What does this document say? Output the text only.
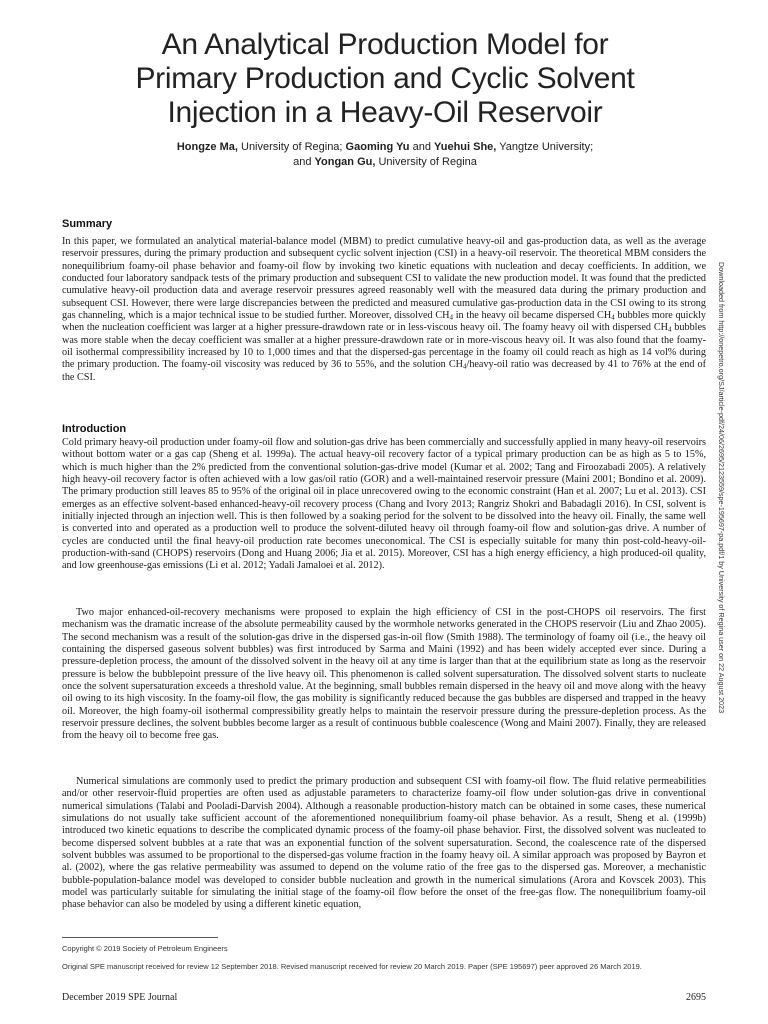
An Analytical Production Model for
Primary Production and Cyclic Solvent
Injection in a Heavy-Oil Reservoir
Hongze Ma, University of Regina; Gaoming Yu and Yuehui She, Yangtze University;
and Yongan Gu, University of Regina
Summary

In this paper, we formulated an analytical material-balance model (MBM) to predict cumulative heavy-oil and gas-production data, as well as the average reservoir pressures, during the primary production and subsequent cyclic solvent injection (CSI) in a heavy-oil reservoir. The theoretical MBM considers the nonequilibrium foamy-oil phase behavior and foamy-oil flow by invoking two kinetic equations with nucleation and decay coefficients. In addition, we conducted four laboratory sandpack tests of the primary production and subsequent CSI to validate the new production model. It was found that the predicted cumulative heavy-oil production data and average reservoir pressures agreed reasonably well with the measured data during the primary production and subsequent CSI. However, there were large discrepancies between the predicted and measured cumulative gas-production data in the CSI owing to its strong gas channeling, which is a major technical issue to be studied further. Moreover, dissolved $CH_4$ in the heavy oil became dispersed $CH_4$ bubbles more quickly when the nucleation coefficient was larger at a higher pressure-drawdown rate or in less-viscous heavy oil. The foamy heavy oil with dispersed $CH_4$ bubbles was more stable when the decay coefficient was smaller at a higher pressure-drawdown rate or in more-viscous heavy oil. It was also found that the foamy-oil isothermal compressibility increased by 10 to 1,000 times and that the dispersed-gas percentage in the foamy oil could reach as high as 14 vol% during the primary production. The foamy-oil viscosity was reduced by 36 to 55%, and the solution $CH_4/heavy$-oil ratio was decreased by 41 to 76% at the end of the CSI.

Introduction

Cold primary heavy-oil production under foamy-oil flow and solution-gas drive has been commercially and successfully applied in many heavy-oil reservoirs without bottom water or a gas cap (Sheng et al. 1999a). The actual heavy-oil recovery factor of a typical primary production can be as high as 5 to 15%, which is much higher than the 2% predicted from the conventional solution-gas-drive model (Kumar et al. 2002; Tang and Firoozabadi 2005). A relatively high heavy-oil recovery factor is often achieved with a low gas/oil ratio (GOR) and a well-maintained reservoir pressure (Maini 2001; Bondino et al. 2009). The primary production still leaves 85 to 95% of the original oil in place unrecovered owing to the economic constraint (Han et al. 2007; Lu et al. 2013). CSI emerges as an effective solvent-based enhanced-heavy-oil recovery process (Chang and Ivory 2013; Rangriz Shokri and Babadagli 2016). In CSI, solvent is initially injected through an injection well. This is then followed by a soaking period for the solvent to be dissolved into the heavy oil. Finally, the same well is converted into and operated as a production well to produce the solvent-diluted heavy oil through foamy-oil flow and solution-gas drive. A number of cycles are conducted until the final heavy-oil production rate becomes uneconomical. The CSI is especially suitable for many thin post-cold-heavy-oil-production-with-sand (CHOPS) reservoirs (Dong and Huang 2006; Jia et al. 2015). Moreover, CSI has a high energy efficiency, a high produced-oil quality, and low greenhouse-gas emissions (Li et al. 2012; Yadali Jamaloei et al. 2012).

Two major enhanced-oil-recovery mechanisms were proposed to explain the high efficiency of CSI in the post-CHOPS oil reservoirs. The first mechanism was the dramatic increase of the absolute permeability caused by the wormhole networks generated in the CHOPS reservoir (Liu and Zhao 2005). The second mechanism was a result of the solution-gas drive in the dispersed gas-in-oil flow (Smith 1988). The terminology of foamy oil (i.e., the heavy oil containing the dispersed gaseous solvent bubbles) was first introduced by Sarma and Maini (1992) and has been widely accepted ever since. During a pressure-depletion process, the amount of the dissolved solvent in the heavy oil at any time is larger than that at the equilibrium state as long as the reservoir pressure is below the bubblepoint pressure of the live heavy oil. This phenomenon is called solvent supersaturation. The dissolved solvent starts to nucleate once the solvent supersaturation exceeds a threshold value. At the beginning, small bubbles remain dispersed in the heavy oil and move along with the heavy oil owing to its high viscosity. In the foamy-oil flow, the gas mobility is significantly reduced because the gas bubbles are dispersed and trapped in the heavy oil. Moreover, the high foamy-oil isothermal compressibility greatly helps to maintain the reservoir pressure during the pressure-depletion process. As the reservoir pressure declines, the solvent bubbles become larger as a result of continuous bubble coalescence (Wong and Maini 2007). Finally, they are released from the heavy oil to become free gas.

Numerical simulations are commonly used to predict the primary production and subsequent CSI with foamy-oil flow. The fluid relative permeabilities and/or other reservoir-fluid properties are often used as adjustable parameters to characterize foamy-oil flow under solution-gas drive in conventional numerical simulations (Talabi and Pooladi-Darvish 2004). Although a reasonable production-history match can be obtained in some cases, these numerical simulations do not usually take sufficient account of the aforementioned nonequilibrium foamy-oil phase behavior. As a result, Sheng et al. (1999b) introduced two kinetic equations to describe the complicated dynamic process of the foamy-oil phase behavior. First, the dissolved solvent was nucleated to become dispersed solvent bubbles at a rate that was an exponential function of the solvent supersaturation. Second, the coalescence rate of the dispersed solvent bubbles was assumed to be proportional to the dispersed-gas volume fraction in the foamy heavy oil. A similar approach was proposed by Bayron et al. (2002), where the gas relative permeability was assumed to depend on the volume ratio of the free gas to the dispersed gas. Moreover, a mechanistic bubble-population-balance model was developed to consider bubble nucleation and growth in the numerical simulations (Arora and Kovscek 2003). This model was particularly suitable for simulating the initial stage of the foamy-oil flow before the onset of the free-gas flow. The nonequilibrium foamy-oil phase behavior can also be modeled by using a different kinetic equation,

Downloaded from http://onepetro.org/SJ/article-pdf/24/06/2695/2123559/spe-195697-pa.pdf/1 by University of Regina user on 22 August 2023
Copyright © 2019 Society of Petroleum Engineers
Original SPE manuscript received for review 12 September 2018. Revised manuscript received for review 20 March 2019. Paper (SPE 195697) peer approved 26 March 2019.
December 2019 SPE Journal	2695
